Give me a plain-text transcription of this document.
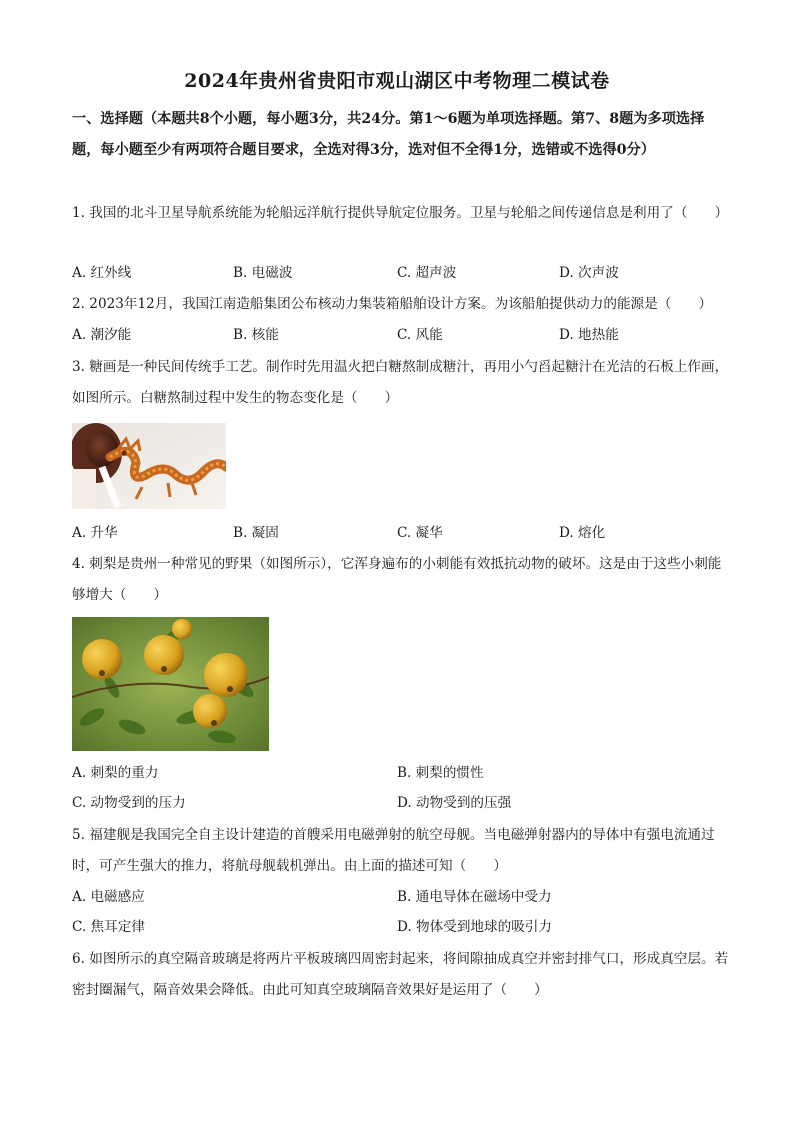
2024年贵州省贵阳市观山湖区中考物理二模试卷
一、选择题（本题共8个小题，每小题3分，共24分。第1～6题为单项选择题。第7、8题为多项选择题，每小题至少有两项符合题目要求，全选对得3分，选对但不全得1分，选错或不选得0分）
1. 我国的北斗卫星导航系统能为轮船远洋航行提供导航定位服务。卫星与轮船之间传递信息是利用了（　　）
A. 红外线	B. 电磁波	C. 超声波	D. 次声波
2. 2023年12月，我国江南造船集团公布核动力集装箱船舶设计方案。为该船舶提供动力的能源是（　　）
A. 潮汐能	B. 核能	C. 风能	D. 地热能
3. 糖画是一种民间传统手工艺。制作时先用温火把白糖熬制成糖汁，再用小勺舀起糖汁在光洁的石板上作画，如图所示。白糖熬制过程中发生的物态变化是（　　）
A. 升华	B. 凝固	C. 凝华	D. 熔化
4. 刺梨是贵州一种常见的野果（如图所示），它浑身遍布的小刺能有效抵抗动物的破坏。这是由于这些小刺能够增大（　　）
A. 刺梨的重力	B. 刺梨的惯性
C. 动物受到的压力	D. 动物受到的压强
5. 福建舰是我国完全自主设计建造的首艘采用电磁弹射的航空母舰。当电磁弹射器内的导体中有强电流通过时，可产生强大的推力，将航母舰载机弹出。由上面的描述可知（　　）
A. 电磁感应	B. 通电导体在磁场中受力
C. 焦耳定律	D. 物体受到地球的吸引力
6. 如图所示的真空隔音玻璃是将两片平板玻璃四周密封起来，将间隙抽成真空并密封排气口，形成真空层。若密封圈漏气，隔音效果会降低。由此可知真空玻璃隔音效果好是运用了（　　）
